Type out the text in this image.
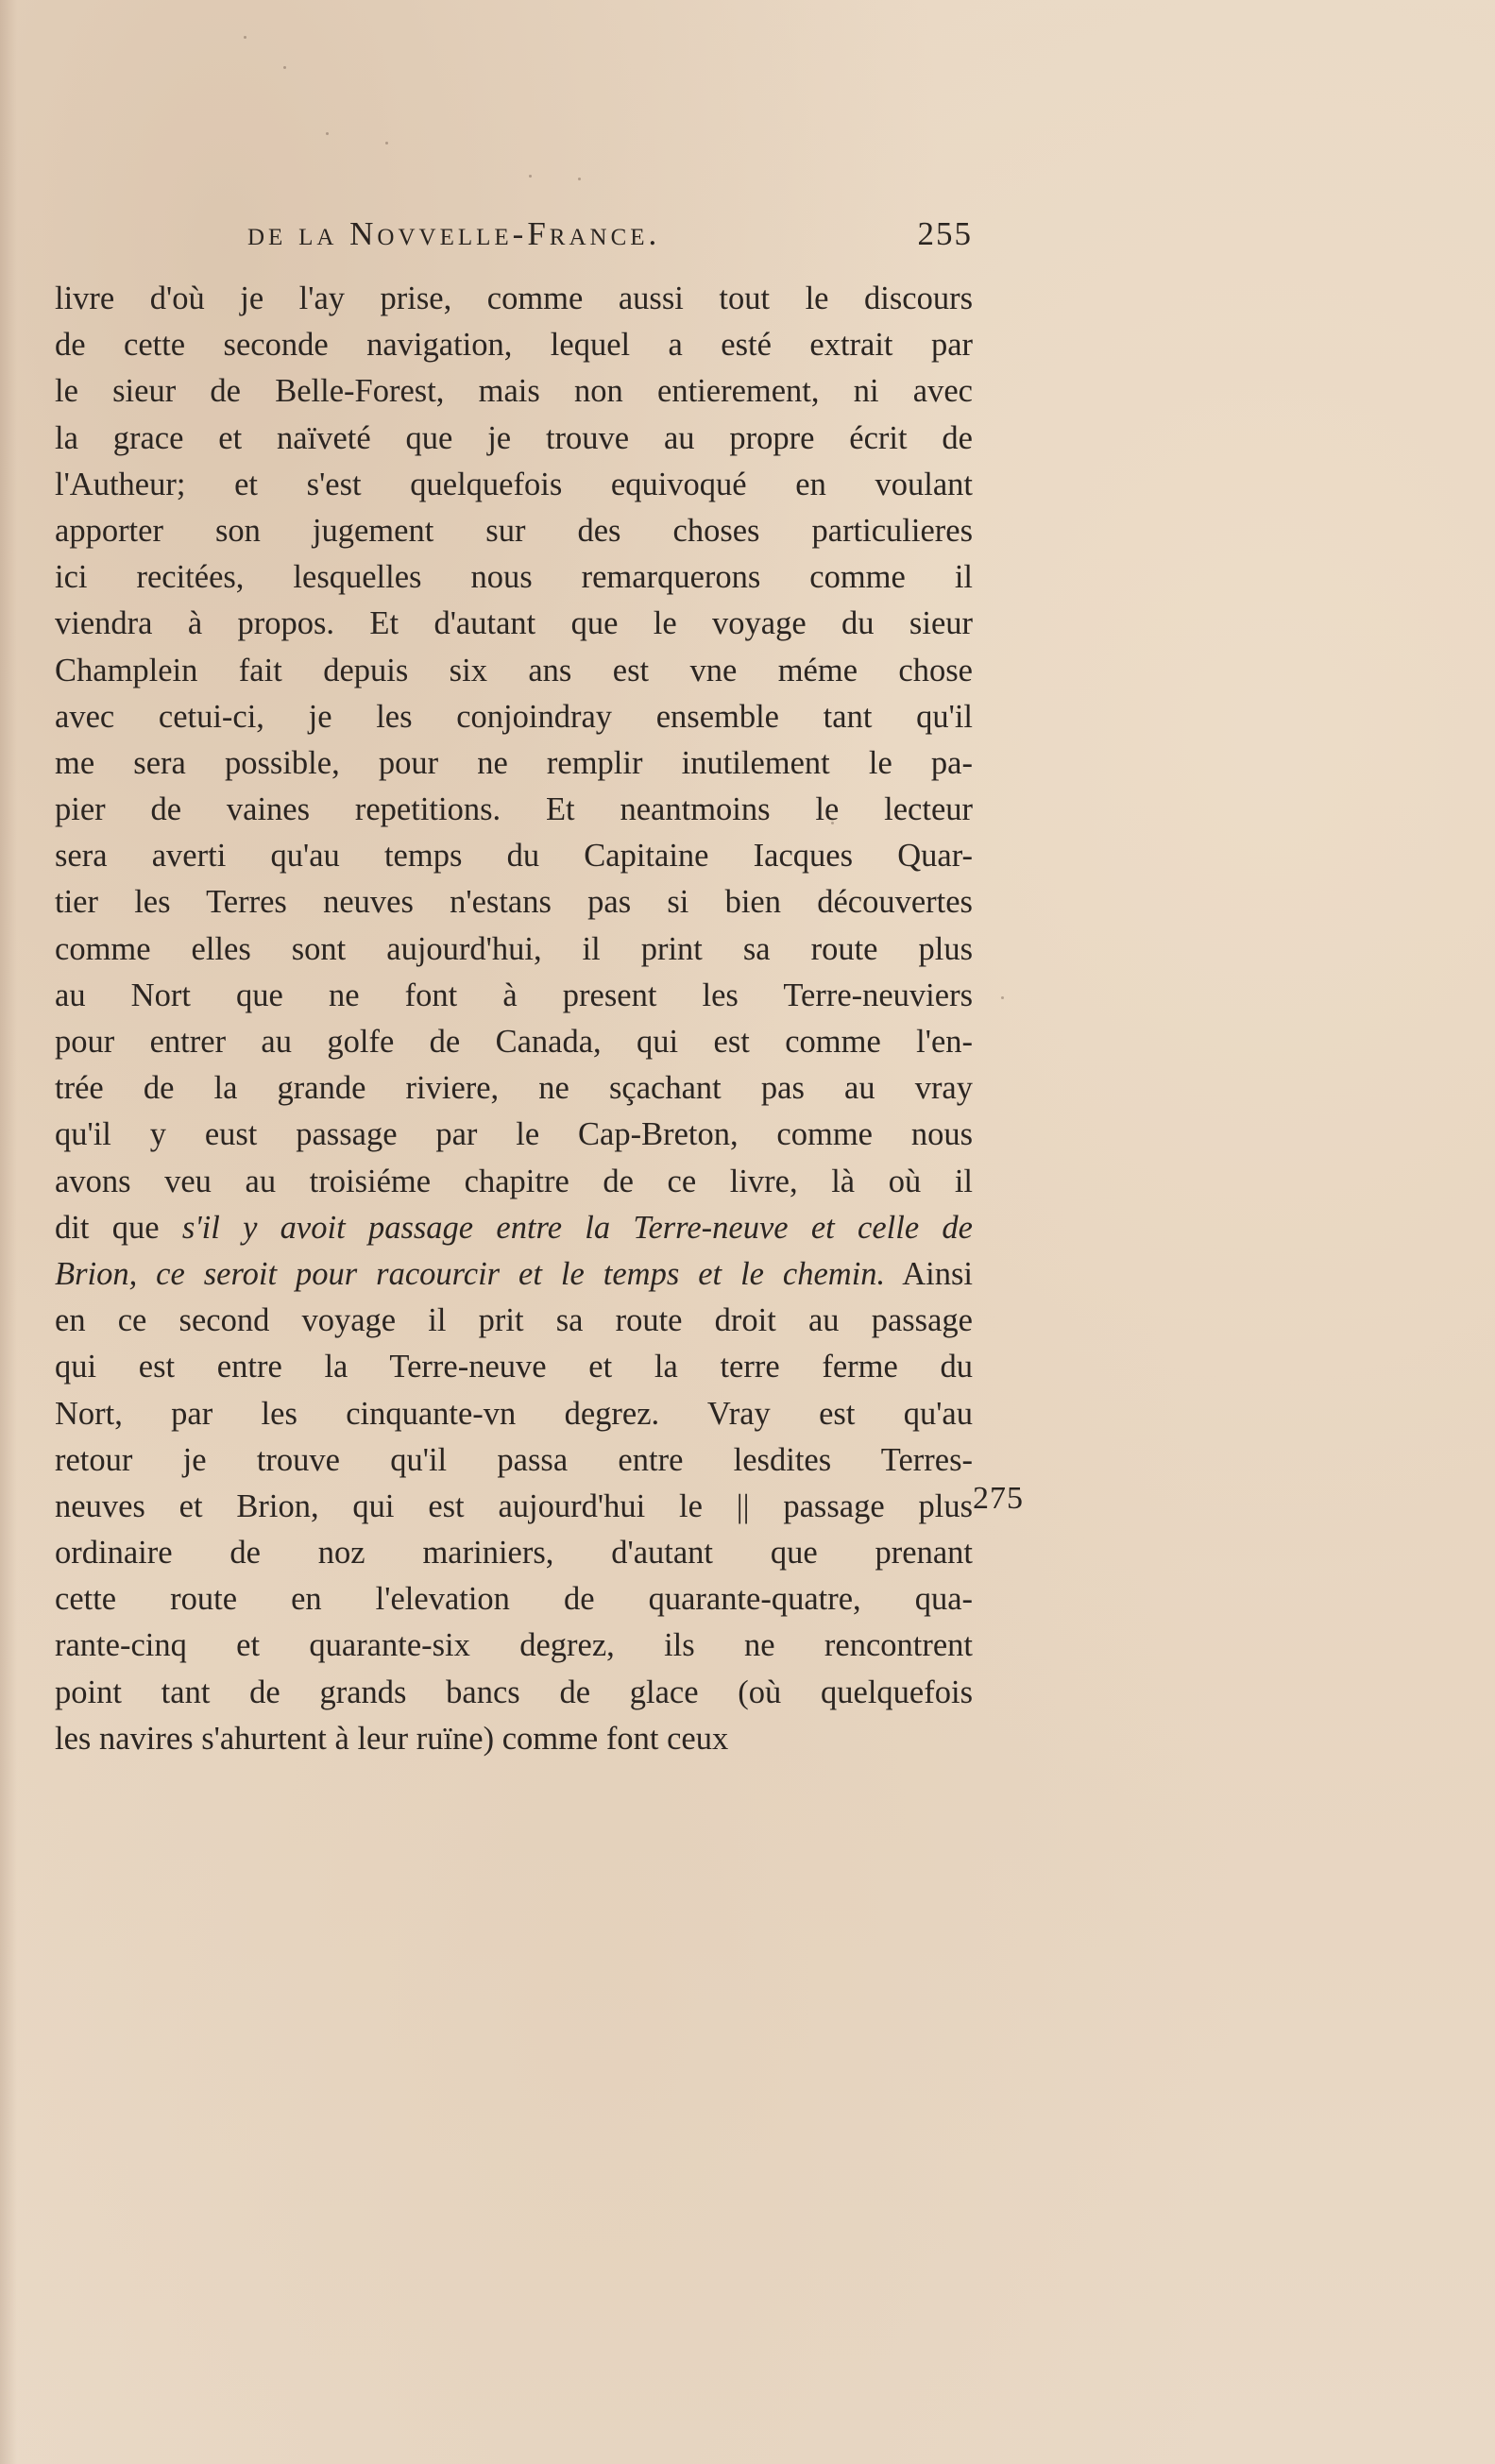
de la Novvelle-France.	255
livre d'où je l'ay prise, comme aussi tout le discours
de cette seconde navigation, lequel a esté extrait par
le sieur de Belle-Forest, mais non entierement, ni avec
la grace et naïveté que je trouve au propre écrit de
l'Autheur; et s'est quelquefois equivoqué en voulant
apporter son jugement sur des choses particulieres
ici recitées, lesquelles nous remarquerons comme il
viendra à propos. Et d'autant que le voyage du sieur
Champlein fait depuis six ans est vne méme chose
avec cetui-ci, je les conjoindray ensemble tant qu'il
me sera possible, pour ne remplir inutilement le pa-
pier de vaines repetitions. Et neantmoins le lecteur
sera averti qu'au temps du Capitaine Iacques Quar-
tier les Terres neuves n'estans pas si bien découvertes
comme elles sont aujourd'hui, il print sa route plus
au Nort que ne font à present les Terre-neuviers
pour entrer au golfe de Canada, qui est comme l'en-
trée de la grande riviere, ne sçachant pas au vray
qu'il y eust passage par le Cap-Breton, comme nous
avons veu au troisiéme chapitre de ce livre, là où il
dit que s'il y avoit passage entre la Terre-neuve et celle de
Brion, ce seroit pour racourcir et le temps et le chemin. Ainsi
en ce second voyage il prit sa route droit au passage
qui est entre la Terre-neuve et la terre ferme du
Nort, par les cinquante-vn degrez. Vray est qu'au
retour je trouve qu'il passa entre lesdites Terres-
neuves et Brion, qui est aujourd'hui le || passage plus
ordinaire de noz mariniers, d'autant que prenant
cette route en l'elevation de quarante-quatre, qua-
rante-cinq et quarante-six degrez, ils ne rencontrent
point tant de grands bancs de glace (où quelquefois
les navires s'ahurtent à leur ruïne) comme font ceux
275
